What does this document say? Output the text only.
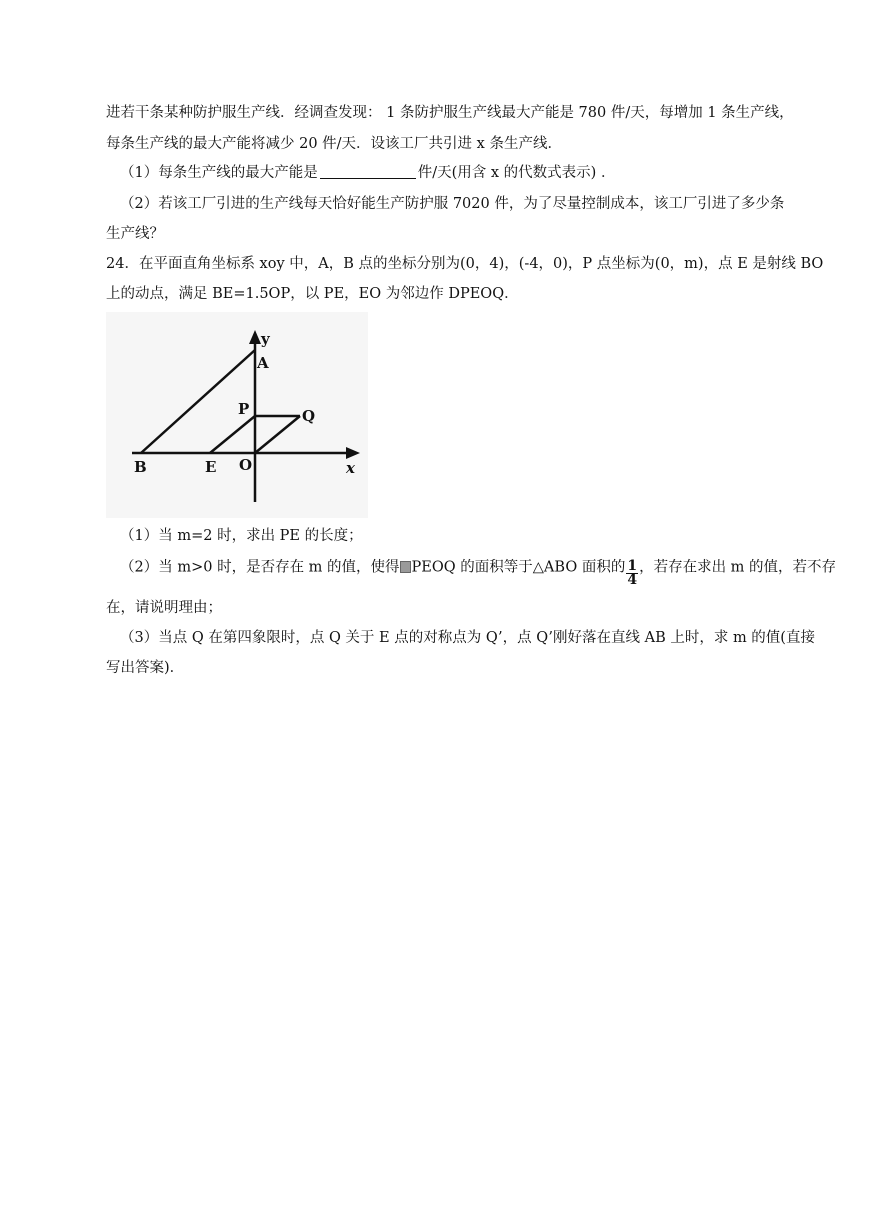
进若干条某种防护服生产线．经调查发现： 1 条防护服生产线最大产能是 780 件/天，每增加 1 条生产线，
每条生产线的最大产能将减少 20 件/天．设该工厂共引进 x 条生产线．
（1）每条生产线的最大产能是	件/天(用含 x 的代数式表示) ．
（2）若该工厂引进的生产线每天恰好能生产防护服 7020 件，为了尽量控制成本，该工厂引进了多少条
生产线？
24．在平面直角坐标系 xoy 中，A，B 点的坐标分别为(0，4)，(-4，0)，P 点坐标为(0，m)，点 E 是射线 BO
上的动点，满足 BE=1.5OP，以 PE，EO 为邻边作 DPEOQ．
y
A
P	Q
B	E O	x
（1）当 m=2 时，求出 PE 的长度；
（2）当 m>0 时，是否存在 m 的值，使得 PEOQ 的面积等于△ABO 面积的 $\frac{1}{4}$ ，若存在求出 m 的值，若不存
在，请说明理由；
（3）当点 Q 在第四象限时，点 Q 关于 E 点的对称点为 Q’，点 Q’刚好落在直线 AB 上时，求 m 的值(直接
写出答案)．
